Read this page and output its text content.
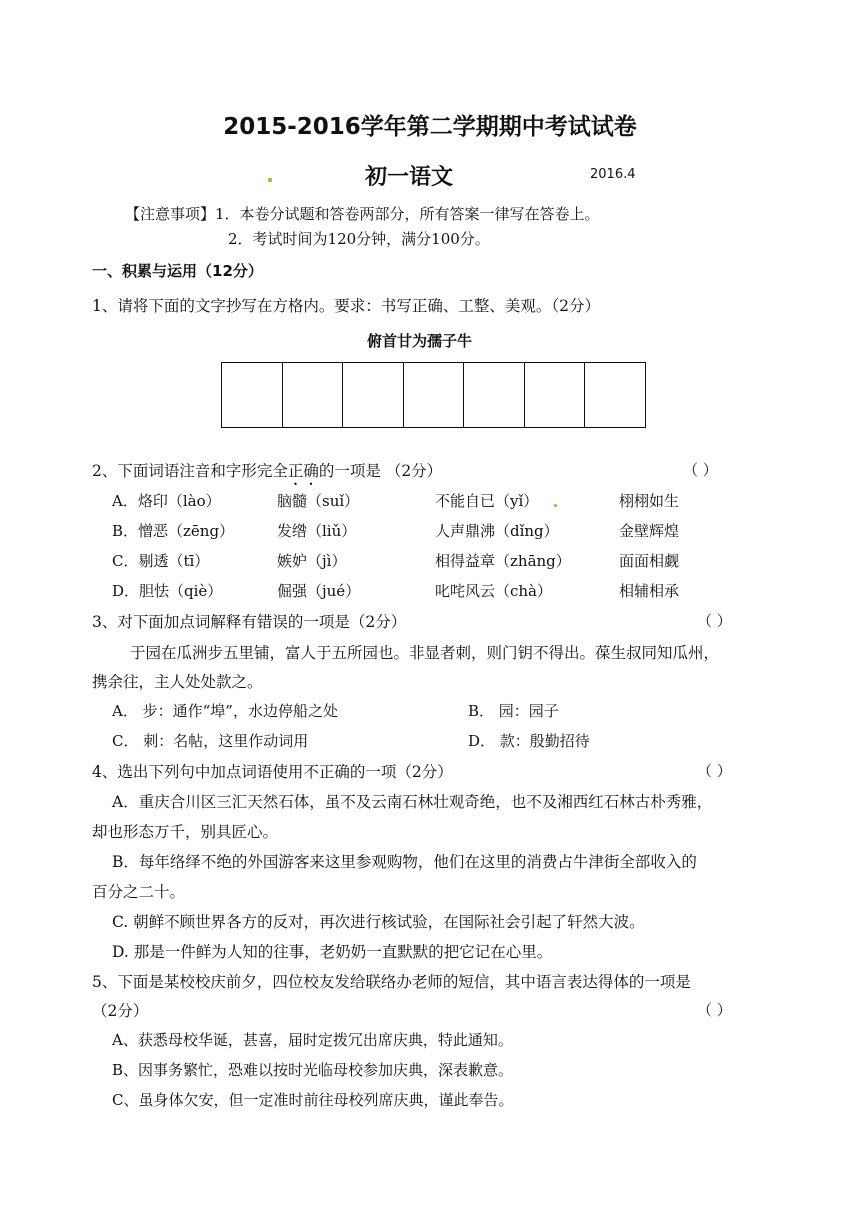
2015-2016学年第二学期期中考试试卷
初一语文	2016.4
【注意事项】1．本卷分试题和答卷两部分，所有答案一律写在答卷上。
2．考试时间为120分钟，满分100分。
一、积累与运用（12分）
1、请将下面的文字抄写在方格内。要求：书写正确、工整、美观。（2分）
俯首甘为孺子牛
2、下面词语注音和字形完全正确的一项是 （2分）	（ ）
A．烙印（lào）	脑髓（suǐ）	不能自已（yǐ）	栩栩如生
B．憎恶（zēng）	发绺（liǔ）	人声鼎沸（dǐng）	金壁辉煌
C．剔透（tī）	嫉妒（jì）	相得益章（zhāng）	面面相觑
D．胆怯（qiè）	倔强（jué）	叱咤风云（chà）	相辅相承
3、对下面加点词解释有错误的一项是（2分）	（ ）
于园在瓜洲步五里铺，富人于五所园也。非显者刺，则门钥不得出。葆生叔同知瓜州，
携余往，主人处处款之。
A． 步：通作“埠”，水边停船之处	B． 园：园子
C． 刺：名帖，这里作动词用	D． 款：殷勤招待
4、选出下列句中加点词语使用不正确的一项（2分）	（ ）
A．重庆合川区三汇天然石体，虽不及云南石林壮观奇绝，也不及湘西红石林古朴秀雅，
却也形态万千，别具匠心。
B．每年络绎不绝的外国游客来这里参观购物，他们在这里的消费占牛津街全部收入的
百分之二十。
C. 朝鲜不顾世界各方的反对，再次进行核试验，在国际社会引起了轩然大波。
D. 那是一件鲜为人知的往事，老奶奶一直默默的把它记在心里。
5、下面是某校校庆前夕，四位校友发给联络办老师的短信，其中语言表达得体的一项是
（2分）	（ ）
A、获悉母校华诞，甚喜，届时定拨冗出席庆典，特此通知。
B、因事务繁忙，恐难以按时光临母校参加庆典，深表歉意。
C、虽身体欠安，但一定准时前往母校列席庆典，谨此奉告。
